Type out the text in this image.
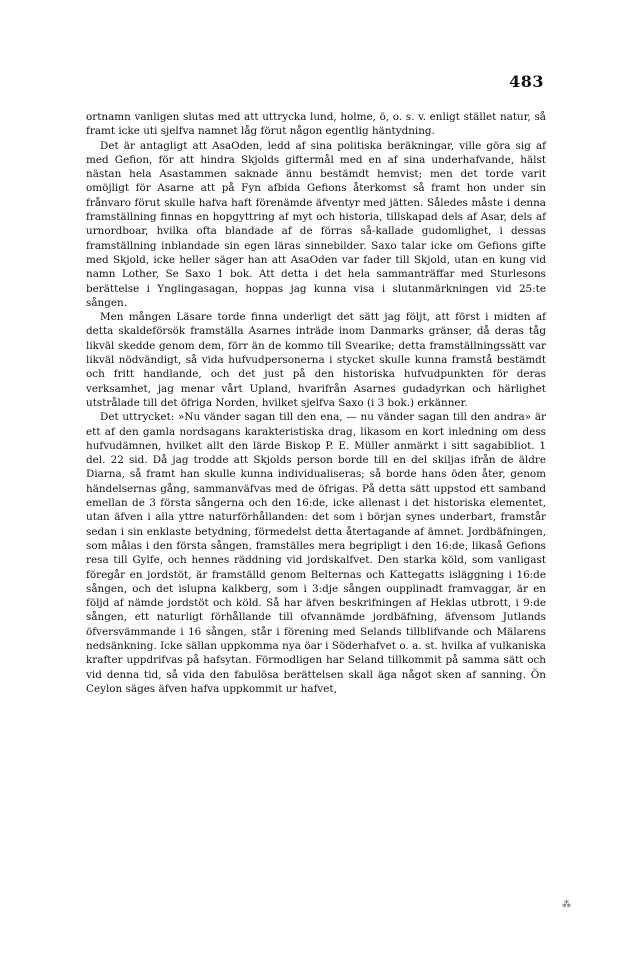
483

ortnamn vanligen slutas med att uttrycka lund, holme, ö, o. s. v. enligt stället natur, så framt icke uti sjelfva namnet låg förut någon egentlig häntydning.

Det är antagligt att AsaOden, ledd af sina politiska beräkningar, ville göra sig af med Gefion, för att hindra Skjolds giftermål med en af sina underhafvande, hälst nästan hela Asastammen saknade ännu bestämdt hemvist; men det torde varit omöjligt för Asarne att på Fyn afbida Gefions återkomst så framt hon under sin frånvaro förut skulle hafva haft förenämde äfventyr med jätten. Således måste i denna framställning finnas en hopgyttring af myt och historia, tillskapad dels af Asar, dels af urnordboar, hvilka ofta blandade af de förras så-kallade gudomlighet, i dessas framställning inblandade sin egen läras sinnebilder. Saxo talar icke om Gefions gifte med Skjold, icke heller säger han att AsaOden var fader till Skjold, utan en kung vid namn Lother, Se Saxo 1 bok. Att detta i det hela sammanträffar med Sturlesons berättelse i Ynglingasagan, hoppas jag kunna visa i slutanmärkningen vid 25:te sången.

Men mången Läsare torde finna underligt det sätt jag följt, att först i midten af detta skaldeförsök framställa Asarnes inträde inom Danmarks gränser, då deras tåg likväl skedde genom dem, förr än de kommo till Svearike; detta framställningssätt var likväl nödvändigt, så vida hufvudpersonerna i stycket skulle kunna framstå bestämdt och fritt handlande, och det just på den historiska hufvudpunkten för deras verksamhet, jag menar vårt Upland, hvarifrån Asarnes gudadyrkan och härlighet utstrålade till det öfriga Norden, hvilket sjelfva Saxo (i 3 bok.) erkänner.

Det uttrycket: »Nu vänder sagan till den ena, — nu vänder sagan till den andra» är ett af den gamla nordsagans karakteristiska drag, likasom en kort inledning om dess hufvudämnen, hvilket allt den lärde Biskop P. E. Müller anmärkt i sitt sagabibliot. 1 del. 22 sid. Då jag trodde att Skjolds person borde till en del skiljas ifrån de äldre Diarna, så framt han skulle kunna individualiseras; så borde hans öden åter, genom händelsernas gång, sammanväfvas med de öfrigas. På detta sätt uppstod ett samband emellan de 3 första sångerna och den 16:de, icke allenast i det historiska elementet, utan äfven i alla yttre naturförhållanden: det som i början synes underbart, framstår sedan i sin enklaste betydning, förmedelst detta återtagande af ämnet. Jordbäfningen, som målas i den första sången, framställes mera begripligt i den 16:de, likaså Gefions resa till Gylfe, och hennes räddning vid jordskalfvet. Den starka köld, som vanligast föregår en jordstöt, är framställd genom Belternas och Kattegatts isläggning i 16:de sången, och det islupna kalkberg, som i 3:dje sången oupplinadt framvaggar, är en följd af nämde jordstöt och köld. Så har äfven beskrifningen af Heklas utbrott, i 9:de sången, ett naturligt förhållande till ofvannämde jordbäfning, äfvensom Jutlands öfversvämmande i 16 sången, står i förening med Selands tillblifvande och Mälarens nedsänkning. Icke sällan uppkomma nya öar i Söderhafvet o. a. st. hvilka af vulkaniska krafter uppdrifvas på hafsytan. Förmodligen har Seland tillkommit på samma sätt och vid denna tid, så vida den fabulösa berättelsen skall äga något sken af sanning. Ön Ceylon säges äfven hafva uppkommit ur hafvet,

⁂
